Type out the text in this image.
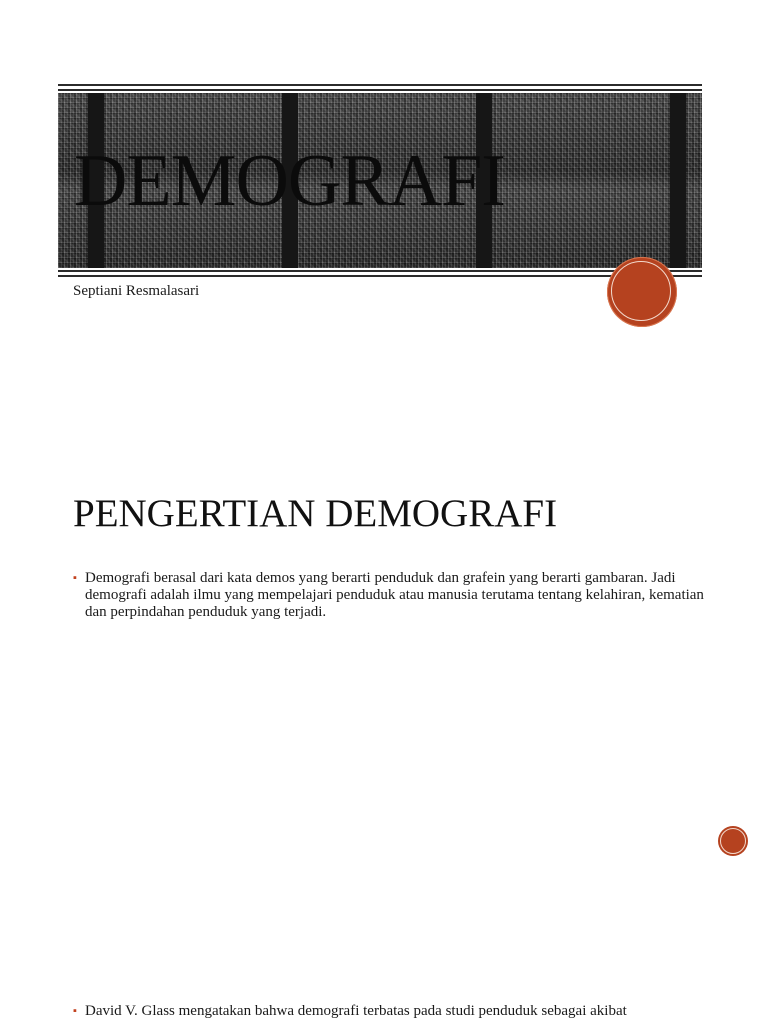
DEMOGRAFI
Septiani Resmalasari
PENGERTIAN DEMOGRAFI
▪ Demografi berasal dari kata demos yang berarti penduduk dan grafein yang berarti gambaran. Jadi demografi adalah ilmu yang mempelajari penduduk atau manusia terutama tentang kelahiran, kematian dan perpindahan penduduk yang terjadi.
▪ David V. Glass mengatakan bahwa demografi terbatas pada studi penduduk sebagai akibat
